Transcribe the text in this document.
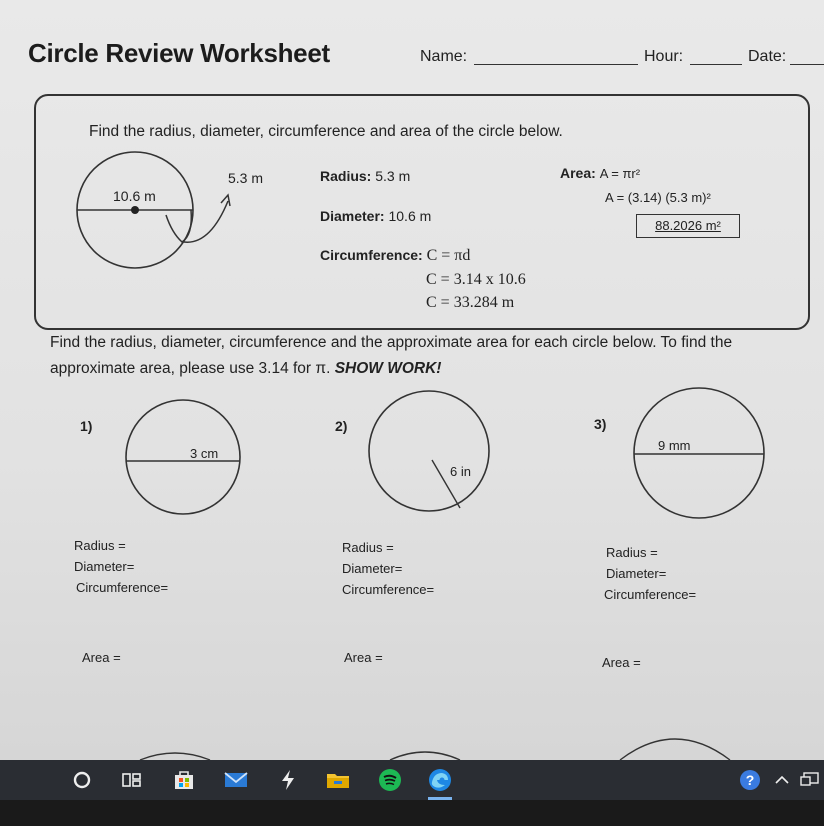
Circle Review Worksheet	Name:	Hour:	Date:
Find the radius, diameter, circumference and area of the circle below.
10.6 m
5.3 m	Radius: 5.3 m
Diameter: 10.6 m
Circumference: C = πd
C = 3.14 x 10.6
C = 33.284 m
Area: A = πr²
A = (3.14) (5.3 m)²
88.2026 m²
Find the radius, diameter, circumference and the approximate area for each circle below. To find the
approximate area, please use 3.14 for π. SHOW WORK!
1)
3 cm
Radius =
Diameter=
Circumference=
Area =
2)
6 in
Radius =
Diameter=
Circumference=
Area =
3)
9 mm
Radius =
Diameter=
Circumference=
Area =
?
